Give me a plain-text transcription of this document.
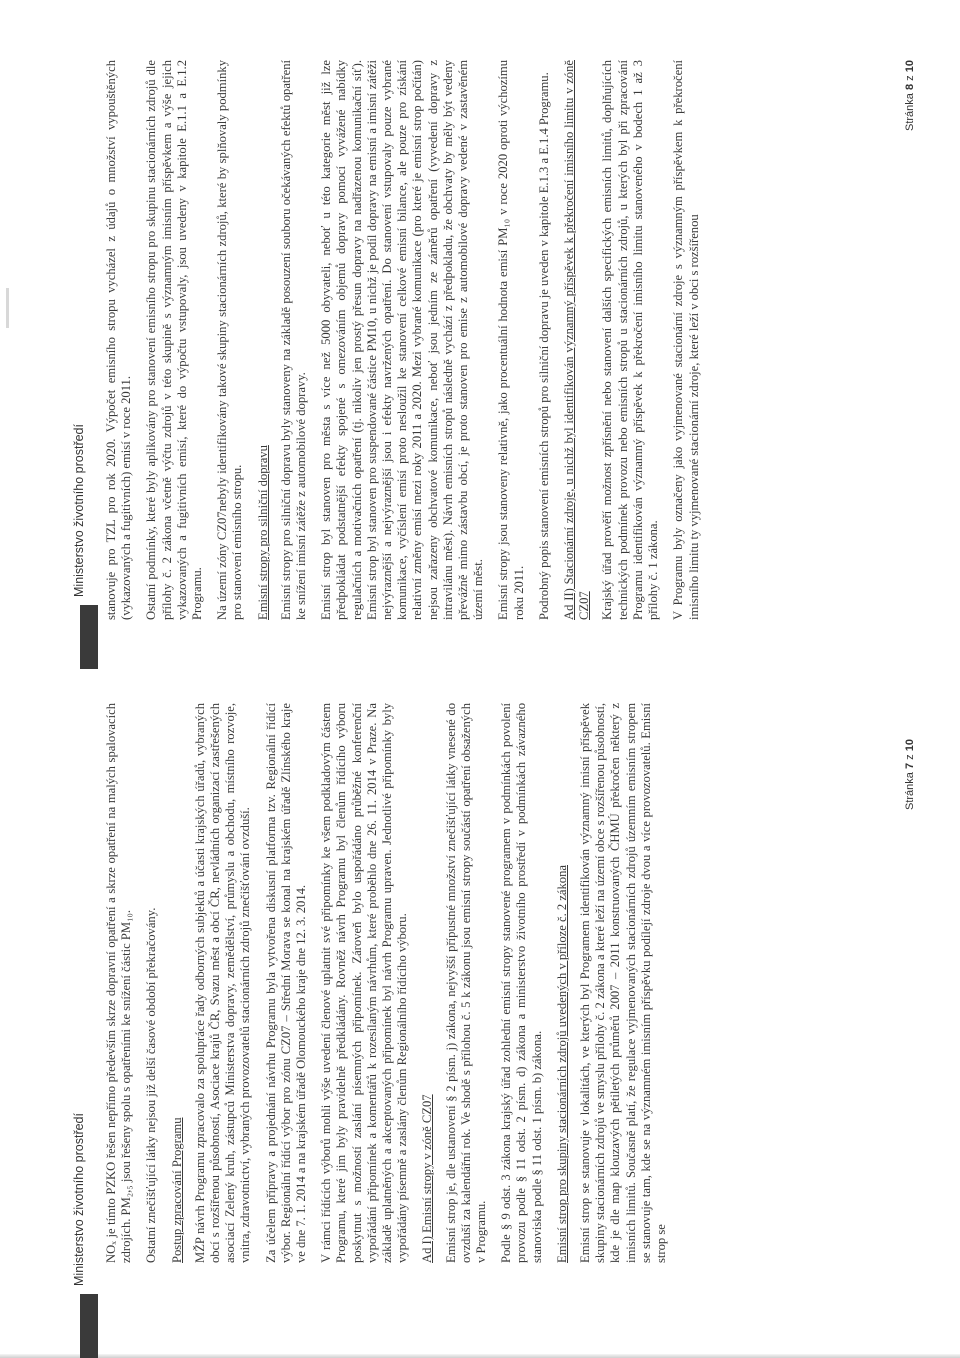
Ministerstvo životního prostředí NOₓ je tímto PZKO řešen nepřímo především skrze dopravní opatření a skrze opatření na malých spalovacích zdrojích. PM₂,₅ jsou řešeny spolu s opatřeními ke snížení částic PM₁₀. Ostatní znečišťující látky nejsou již delší časové období překračovány. Postup zpracování Programu MŽP návrh Programu zpracovalo za spolupráce řady odborných subjektů a účasti krajských úřadů, vybraných obcí s rozšířenou působností, Asociace krajů ČR, Svazu měst a obcí ČR, nevládních organizací zastřešených asociací Zelený kruh, zástupců Ministerstva dopravy, zemědělství, průmyslu a obchodu, místního rozvoje, vnitra, zdravotnictví, vybraných provozovatelů stacionárních zdrojů znečišťování ovzduší. Za účelem přípravy a projednání návrhu Programu byla vytvořena diskusní platforma tzv. Regionální řídící výbor. Regionální řídící výbor pro zónu CZ07 – Střední Morava se konal na krajském úřadě Zlínského kraje ve dne 7. 1. 2014 a na krajském úřadě Olomouckého kraje dne 12. 3. 2014. V rámci řídících výborů mohli výše uvedení členové uplatnit své připomínky ke všem podkladovým částem Programu, které jim byly pravidelně předkládány. Rovněž návrh Programu byl členům řídícího výboru poskytnut s možností zaslání písemných připomínek. Zároveň bylo uspořádáno průběžné konferenční vypořádání připomínek a komentářů k rozesílaným návrhům, které proběhlo dne 26. 11. 2014 v Praze. Na základě uplatněných a akceptovaných připomínek byl návrh Programu upraven. Jednotlivé připomínky byly vypořádány písemně a zaslány členům Regionálního řídícího výboru. Ad I) Emisní stropy v zóně CZ07 Emisní strop je, dle ustanovení § 2 písm. j) zákona, nejvyšší přípustné množství znečišťující látky vnesené do ovzduší za kalendářní rok. Ve shodě s přílohou č. 5 k zákonu jsou emisní stropy součástí opatření obsažených v Programu. Podle § 9 odst. 3 zákona krajský úřad zohlední emisní stropy stanovené programem v podmínkách povolení provozu podle § 11 odst. 2 písm. d) zákona a ministerstvo životního prostředí v podmínkách závazného stanoviska podle § 11 odst. 1 písm. b) zákona. Emisní strop pro skupiny stacionárních zdrojů uvedených v příloze č. 2 zákona Emisní strop se stanovuje v lokalitách, ve kterých byl Programem identifikován významný imisní příspěvek skupiny stacionárních zdrojů ve smyslu přílohy č. 2 zákona a které leží na území obce s rozšířenou působností, kde je dle map klouzavých pětiletých průměrů 2007 – 2011 konstruovaných ČHMÚ překročen některý z imisních limitů. Současně platí, že regulace vyjmenovaných stacionárních zdrojů územním emisním stropem se stanovuje tam, kde se na významném imisním příspěvku podílejí zdroje dvou a více provozovatelů. Emisní strop se

Stránka 7 z 10
Ministerstvo životního prostředí stanovuje pro TZL pro rok 2020. Výpočet emisního stropu vycházel z údajů o množství vypouštěných (vykazovaných a fugitivních) emisí v roce 2011. Ostatní podmínky, které byly aplikovány pro stanovení emisního stropu pro skupinu stacionárních zdrojů dle přílohy č. 2 zákona včetně výčtu zdrojů v této skupině s významným imisním příspěvkem a výše jejich vykazovaných a fugitivních emisí, které do výpočtu vstupovaly, jsou uvedeny v kapitole E.1.1 a E.1.2 Programu. Na území zóny CZ07nebyly identifikovány takové skupiny stacionárních zdrojů, které by splňovaly podmínky pro stanovení emisního stropu. Emisní stropy pro silniční dopravu Emisní stropy pro silniční dopravu byly stanoveny na základě posouzení souboru očekávaných efektů opatření ke snížení imisní zátěže z automobilové dopravy. Emisní strop byl stanoven pro města s více než 5000 obyvateli, neboť u této kategorie měst již lze předpokládat podstatnější efekty spojené s omezováním objemů dopravy pomocí vyvážené nabídky regulačních a motivačních opatření (tj. nikoliv jen prostý přesun dopravy na nadřazenou komunikační síť). Emisní strop byl stanoven pro suspendované částice PM10, u nichž je podíl dopravy na emisní a imisní zátěži nejvýraznější a nejvýraznější jsou i efekty navržených opatření. Do stanovení vstupovaly pouze vybrané komunikace, vyčíslení emisí proto nesloužil ke stanovení celkové emisní bilance, ale pouze pro získání relativní změny emisí mezi roky 2011 a 2020. Mezi vybrané komunikace (pro které je emisní strop počítán) nejsou zařazeny obchvatové komunikace, neboť jsou jedním ze záměrů opatření (vyvedení dopravy z intravilánu měst). Návrh emisních stropů následně vychází z předpokladu, že obchvaty by měly být vedeny převážně mimo zástavbu obcí, je proto stanoven pro emise z automobilové dopravy vedené v zastavěném území měst. Emisní stropy jsou stanoveny relativně, jako procentuální hodnota emisí PM₁₀ v roce 2020 oproti výchozímu roku 2011. Podrobný popis stanovení emisních stropů pro silniční dopravu je uveden v kapitole E.1.3 a E.1.4 Programu. Ad II) Stacionární zdroje, u nichž byl identifikován významný příspěvek k překročení imisního limitu v zóně CZ07 Krajský úřad prověří možnost zpřísnění nebo stanovení dalších specifických emisních limitů, doplňujících technických podmínek provozu nebo emisních stropů u stacionárních zdrojů, u kterých byl při zpracování Programu identifikován významný příspěvek k překročení imisního limitu stanoveného v bodech 1 až 3 přílohy č. 1 zákona. V Programu byly označeny jako vyjmenované stacionární zdroje s významným příspěvkem k překročení imisního limitu ty vyjmenované stacionární zdroje, které leží v obci s rozšířenou

Stránka 8 z 10
